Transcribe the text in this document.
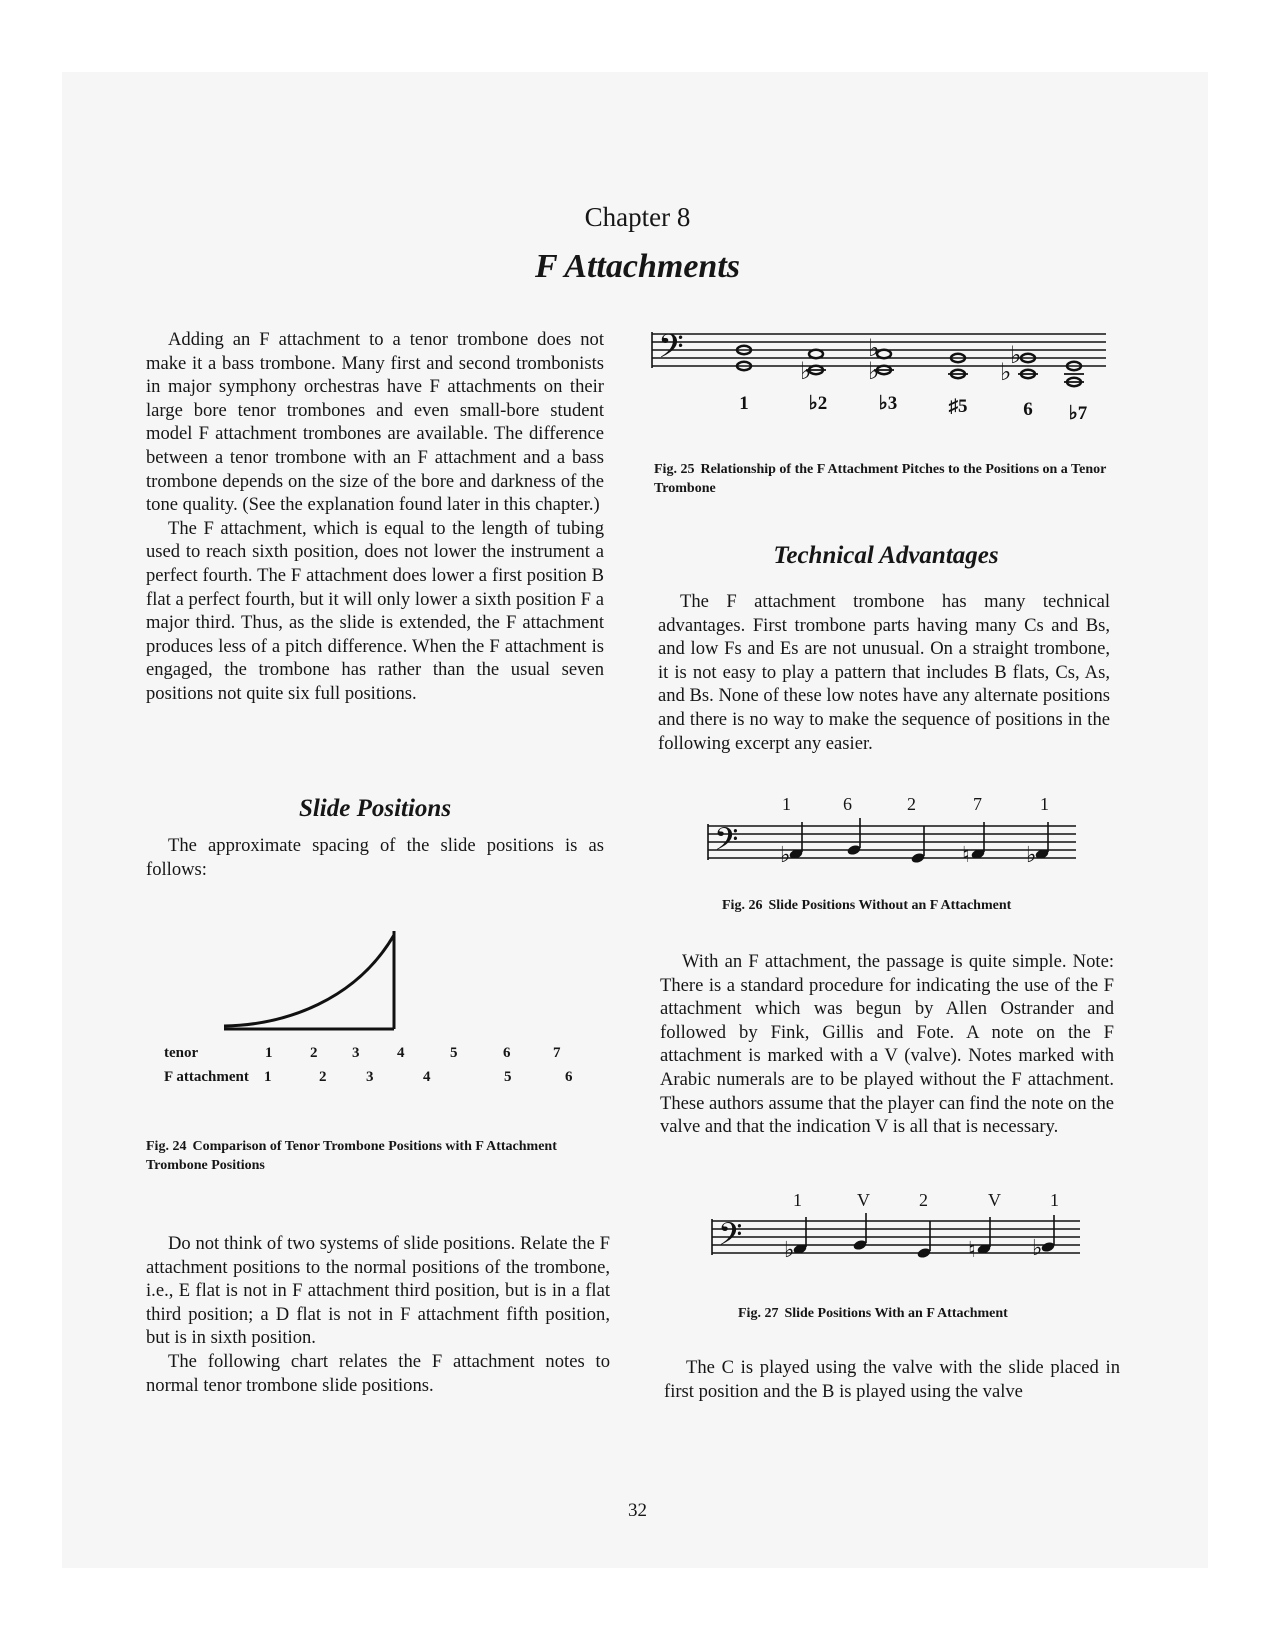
Chapter 8
F Attachments

Adding an F attachment to a tenor trombone does not make it a bass trombone. Many first and second trombonists in major symphony orchestras have F attachments on their large bore tenor trombones and even small-bore student model F attachment trombones are available. The difference between a tenor trombone with an F attachment and a bass trombone depends on the size of the bore and darkness of the tone quality. (See the explanation found later in this chapter.)

The F attachment, which is equal to the length of tubing used to reach sixth position, does not lower the instrument a perfect fourth. The F attachment does lower a first position B flat a perfect fourth, but it will only lower a sixth position F a major third. Thus, as the slide is extended, the F attachment produces less of a pitch difference. When the F attachment is engaged, the trombone has rather than the usual seven positions not quite six full positions.

Slide Positions

The approximate spacing of the slide positions is as follows:

tenor	1	2 3	4	5	6	7
F attachment 1	2	3	4	5	6
Fig. 24 Comparison of Tenor Trombone Positions with F Attachment Trombone Positions

Do not think of two systems of slide positions. Relate the F attachment positions to the normal positions of the trombone, i.e., E flat is not in F attachment third position, but is in a flat third position; a D flat is not in F attachment fifth position, but is in sixth position.

The following chart relates the F attachment notes to normal tenor trombone slide positions.

𝄢	♭
♭
♭
♭
♭
1	♭2	♭3	♯5	6 ♭7
Fig. 25 Relationship of the F Attachment Pitches to the Positions on a Tenor Trombone
Technical Advantages

The F attachment trombone has many technical advantages. First trombone parts having many Cs and Bs, and low Fs and Es are not unusual. On a straight trombone, it is not easy to play a pattern that includes B flats, Cs, As, and Bs. None of these low notes have any alternate positions and there is no way to make the sequence of positions in the following excerpt any easier.

1	6	2	7	1
𝄢 ♭	♮	♭
Fig. 26 Slide Positions Without an F Attachment

With an F attachment, the passage is quite simple. Note: There is a standard procedure for indicating the use of the F attachment which was begun by Allen Ostrander and followed by Fink, Gillis and Fote. A note on the F attachment is marked with a V (valve). Notes marked with Arabic numerals are to be played without the F attachment. These authors assume that the player can find the note on the valve and that the indication V is all that is necessary.

1	V	2	V	1
𝄢 ♭	♮	♭
Fig. 27 Slide Positions With an F Attachment

The C is played using the valve with the slide placed in first position and the B is played using the valve

32
